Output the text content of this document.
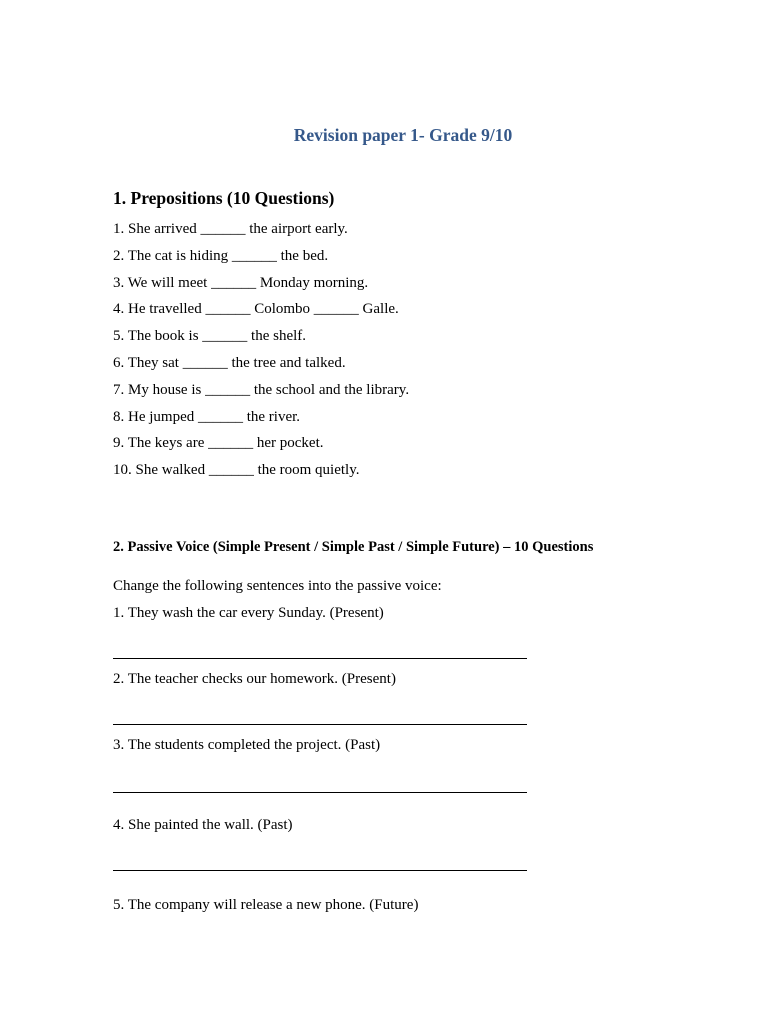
Revision paper 1- Grade 9/10
1. Prepositions (10 Questions)
1. She arrived ______ the airport early.
2. The cat is hiding ______ the bed.
3. We will meet ______ Monday morning.
4. He travelled ______ Colombo ______ Galle.
5. The book is ______ the shelf.
6. They sat ______ the tree and talked.
7. My house is ______ the school and the library.
8. He jumped ______ the river.
9. The keys are ______ her pocket.
10. She walked ______ the room quietly.
2. Passive Voice (Simple Present / Simple Past / Simple Future) – 10 Questions

Change the following sentences into the passive voice:

1. They wash the car every Sunday. (Present)

2. The teacher checks our homework. (Present)

3. The students completed the project. (Past)

4. She painted the wall. (Past)

5. The company will release a new phone. (Future)
